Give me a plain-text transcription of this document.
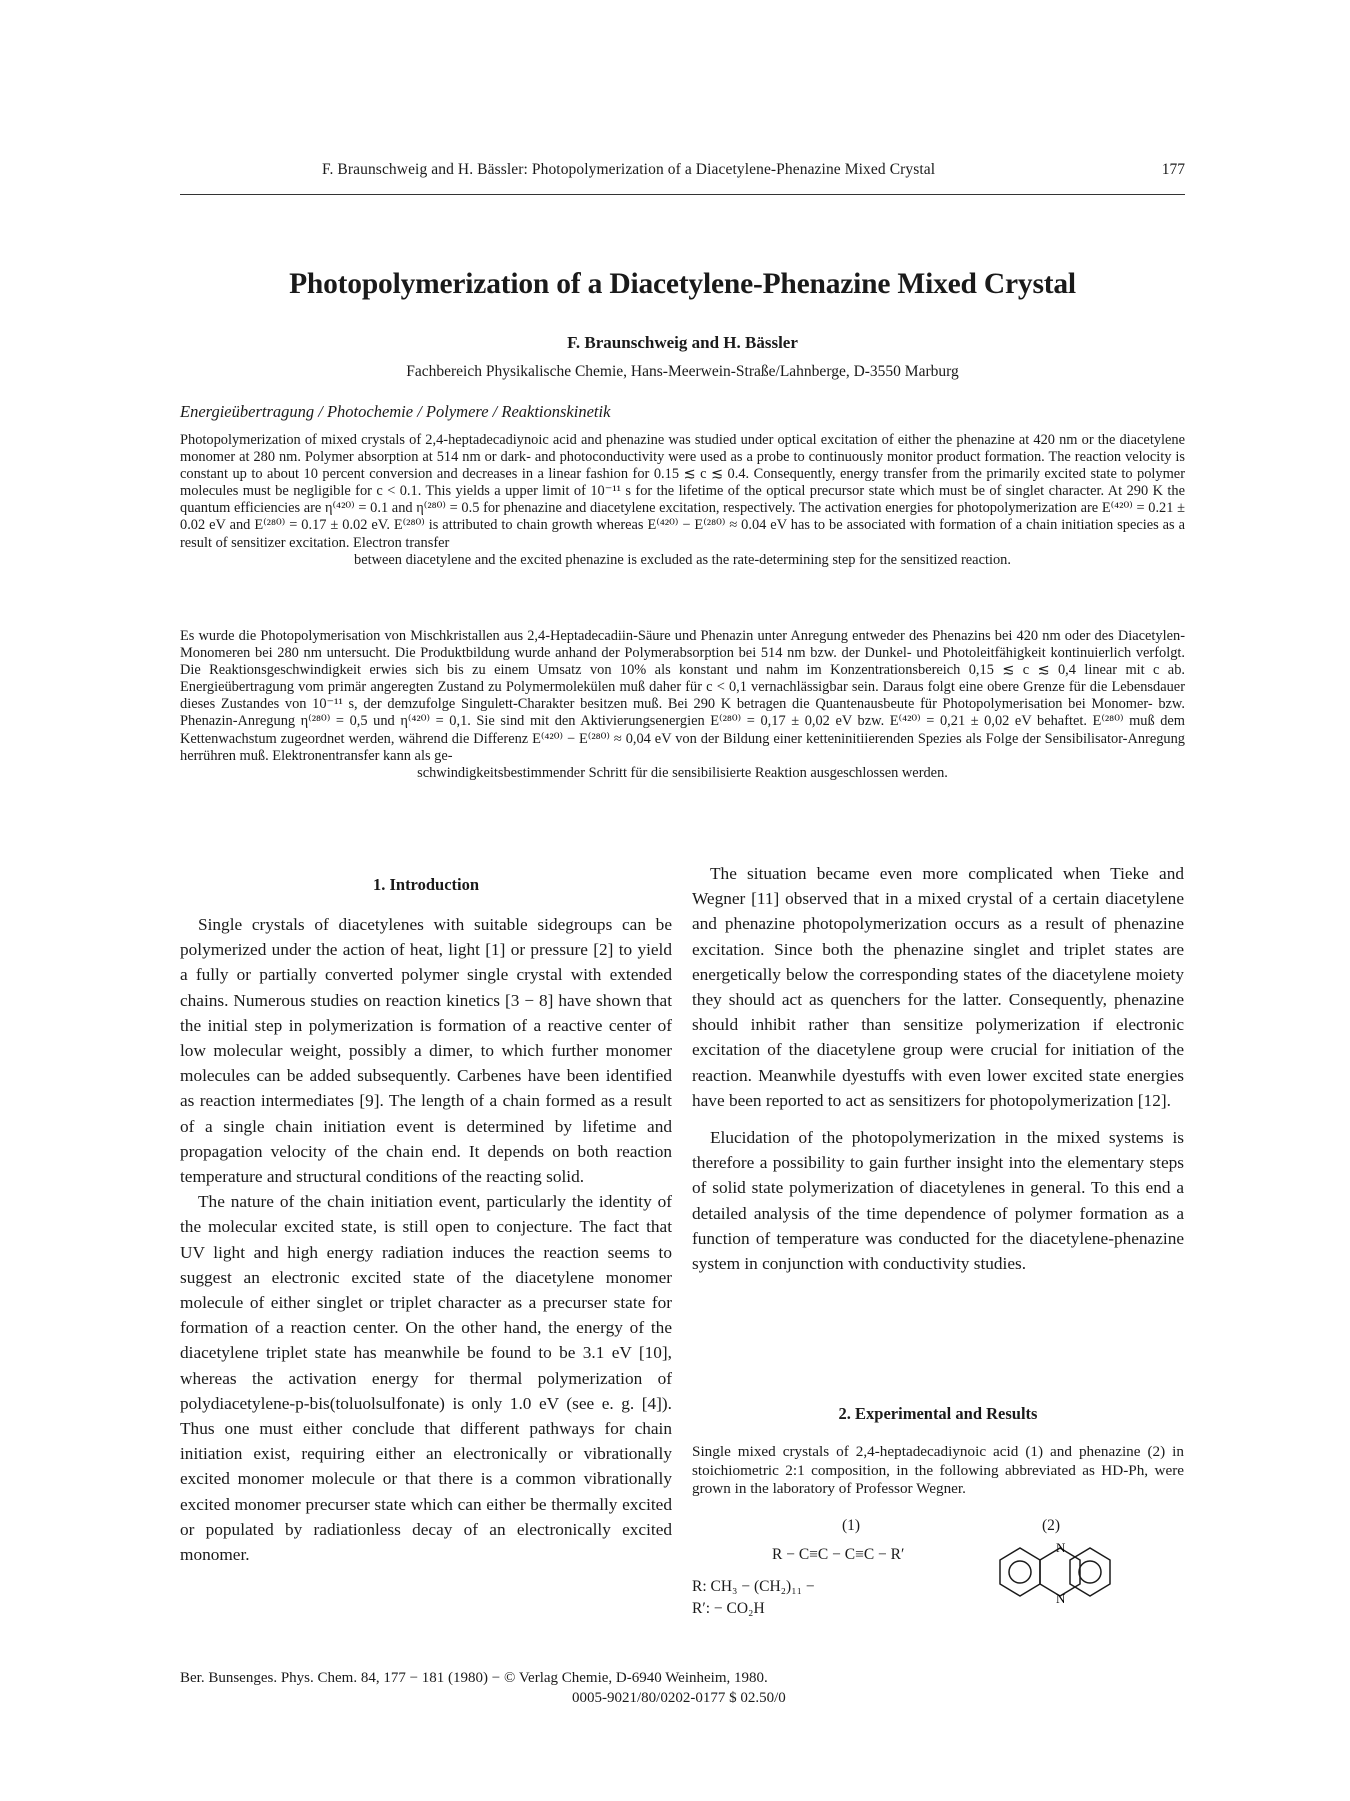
F. Braunschweig and H. Bässler: Photopolymerization of a Diacetylene-Phenazine Mixed Crystal	177
Photopolymerization of a Diacetylene-Phenazine Mixed Crystal
F. Braunschweig and H. Bässler
Fachbereich Physikalische Chemie, Hans-Meerwein-Straße/Lahnberge, D-3550 Marburg
Energieübertragung / Photochemie / Polymere / Reaktionskinetik
Photopolymerization of mixed crystals of 2,4-heptadecadiynoic acid and phenazine was studied under optical excitation of either the phenazine at 420 nm or the diacetylene monomer at 280 nm. Polymer absorption at 514 nm or dark- and photoconductivity were used as a probe to continuously monitor product formation. The reaction velocity is constant up to about 10 percent conversion and decreases in a linear fashion for 0.15 ≲ c ≲ 0.4. Consequently, energy transfer from the primarily excited state to polymer molecules must be negligible for c < 0.1. This yields a upper limit of 10⁻¹¹ s for the lifetime of the optical precursor state which must be of singlet character. At 290 K the quantum efficiencies are η⁽⁴²⁰⁾ = 0.1 and η⁽²⁸⁰⁾ = 0.5 for phenazine and diacetylene excitation, respectively. The activation energies for photopolymerization are E⁽⁴²⁰⁾ = 0.21 ± 0.02 eV and E⁽²⁸⁰⁾ = 0.17 ± 0.02 eV. E⁽²⁸⁰⁾ is attributed to chain growth whereas E⁽⁴²⁰⁾ − E⁽²⁸⁰⁾ ≈ 0.04 eV has to be associated with formation of a chain initiation species as a result of sensitizer excitation. Electron transfer
between diacetylene and the excited phenazine is excluded as the rate-determining step for the sensitized reaction.
Es wurde die Photopolymerisation von Mischkristallen aus 2,4-Heptadecadiin-Säure und Phenazin unter Anregung entweder des Phenazins bei 420 nm oder des Diacetylen-Monomeren bei 280 nm untersucht. Die Produktbildung wurde anhand der Polymerabsorption bei 514 nm bzw. der Dunkel- und Photoleitfähigkeit kontinuierlich verfolgt. Die Reaktionsgeschwindigkeit erwies sich bis zu einem Umsatz von 10% als konstant und nahm im Konzentrationsbereich 0,15 ≲ c ≲ 0,4 linear mit c ab. Energieübertragung vom primär angeregten Zustand zu Polymermolekülen muß daher für c < 0,1 vernachlässigbar sein. Daraus folgt eine obere Grenze für die Lebensdauer dieses Zustandes von 10⁻¹¹ s, der demzufolge Singulett-Charakter besitzen muß. Bei 290 K betragen die Quantenausbeute für Photopolymerisation bei Monomer- bzw. Phenazin-Anregung η⁽²⁸⁰⁾ = 0,5 und η⁽⁴²⁰⁾ = 0,1. Sie sind mit den Aktivierungsenergien E⁽²⁸⁰⁾ = 0,17 ± 0,02 eV bzw. E⁽⁴²⁰⁾ = 0,21 ± 0,02 eV behaftet. E⁽²⁸⁰⁾ muß dem Kettenwachstum zugeordnet werden, während die Differenz E⁽⁴²⁰⁾ − E⁽²⁸⁰⁾ ≈ 0,04 eV von der Bildung einer ketteninitiierenden Spezies als Folge der Sensibilisator-Anregung herrühren muß. Elektronentransfer kann als ge-
schwindigkeitsbestimmender Schritt für die sensibilisierte Reaktion ausgeschlossen werden.
1. Introduction

Single crystals of diacetylenes with suitable sidegroups can be polymerized under the action of heat, light [1] or pressure [2] to yield a fully or partially converted polymer single crystal with extended chains. Numerous studies on reaction kinetics [3 − 8] have shown that the initial step in polymerization is formation of a reactive center of low molecular weight, possibly a dimer, to which further monomer molecules can be added subsequently. Carbenes have been identified as reaction intermediates [9]. The length of a chain formed as a result of a single chain initiation event is determined by lifetime and propagation velocity of the chain end. It depends on both reaction temperature and structural conditions of the reacting solid.

The nature of the chain initiation event, particularly the identity of the molecular excited state, is still open to conjecture. The fact that UV light and high energy radiation induces the reaction seems to suggest an electronic excited state of the diacetylene monomer molecule of either singlet or triplet character as a precurser state for formation of a reaction center. On the other hand, the energy of the diacetylene triplet state has meanwhile be found to be 3.1 eV [10], whereas the activation energy for thermal polymerization of polydiacetylene-p-bis(toluolsulfonate) is only 1.0 eV (see e. g. [4]). Thus one must either conclude that different pathways for chain initiation exist, requiring either an electronically or vibrationally excited monomer molecule or that there is a common vibrationally excited monomer precurser state which can either be thermally excited or populated by radiationless decay of an electronically excited monomer.

The situation became even more complicated when Tieke and Wegner [11] observed that in a mixed crystal of a certain diacetylene and phenazine photopolymerization occurs as a result of phenazine excitation. Since both the phenazine singlet and triplet states are energetically below the corresponding states of the diacetylene moiety they should act as quenchers for the latter. Consequently, phenazine should inhibit rather than sensitize polymerization if electronic excitation of the diacetylene group were crucial for initiation of the reaction. Meanwhile dyestuffs with even lower excited state energies have been reported to act as sensitizers for photopolymerization [12].

Elucidation of the photopolymerization in the mixed systems is therefore a possibility to gain further insight into the elementary steps of solid state polymerization of diacetylenes in general. To this end a detailed analysis of the time dependence of polymer formation as a function of temperature was conducted for the diacetylene-phenazine system in conjunction with conductivity studies.

2. Experimental and Results
Single mixed crystals of 2,4-heptadecadiynoic acid (1) and phenazine (2) in stoichiometric 2:1 composition, in the following abbreviated as HD-Ph, were grown in the laboratory of Professor Wegner.
(1)	(2)
R − C≡C − C≡C − R′
R: CH₃ − (CH₂)₁₁ −
R′: − CO₂H
N
N
Ber. Bunsenges. Phys. Chem. 84, 177 − 181 (1980) − © Verlag Chemie, D-6940 Weinheim, 1980.
0005-9021/80/0202-0177 $ 02.50/0
